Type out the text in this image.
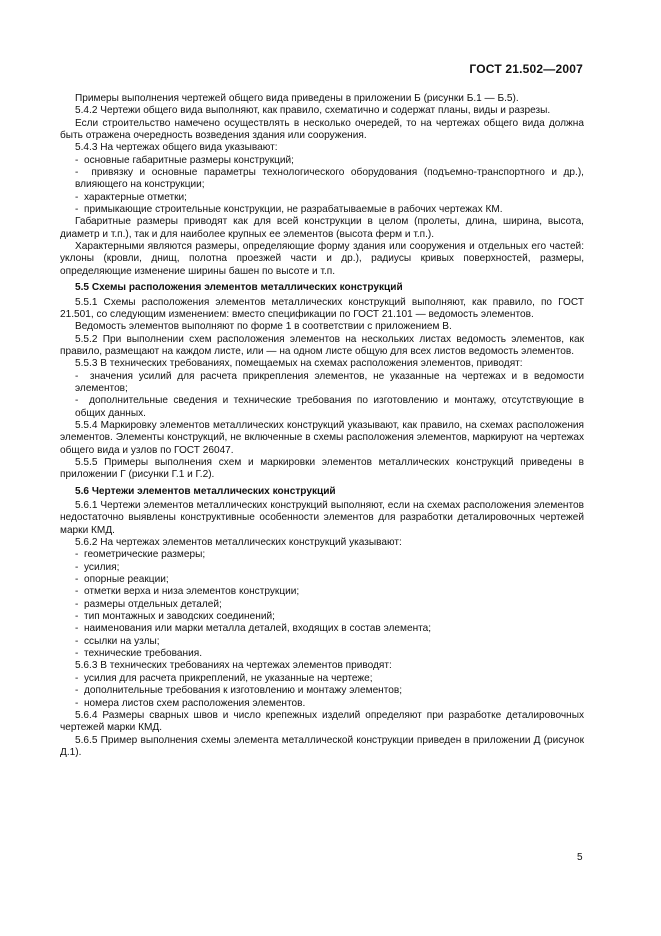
ГОСТ 21.502—2007
Примеры выполнения чертежей общего вида приведены в приложении Б (рисунки Б.1 — Б.5).
5.4.2 Чертежи общего вида выполняют, как правило, схематично и содержат планы, виды и разрезы.
Если строительство намечено осуществлять в несколько очередей, то на чертежах общего вида должна быть отражена очередность возведения здания или сооружения.
5.4.3 На чертежах общего вида указывают:
-  основные габаритные размеры конструкций;
-  привязку и основные параметры технологического оборудования (подъемно-транспортного и др.), влияющего на конструкции;
-  характерные отметки;
-  примыкающие строительные конструкции, не разрабатываемые в рабочих чертежах КМ.
Габаритные размеры приводят как для всей конструкции в целом (пролеты, длина, ширина, высота, диаметр и т.п.), так и для наиболее крупных ее элементов (высота ферм и т.п.).
Характерными являются размеры, определяющие форму здания или сооружения и отдельных его частей: уклоны (кровли, днищ, полотна проезжей части и др.), радиусы кривых поверхностей, размеры, определяющие изменение ширины башен по высоте и т.п.
5.5 Схемы расположения элементов металлических конструкций
5.5.1 Схемы расположения элементов металлических конструкций выполняют, как правило, по ГОСТ 21.501, со следующим изменением: вместо спецификации по ГОСТ 21.101 — ведомость элементов.
Ведомость элементов выполняют по форме 1 в соответствии с приложением В.
5.5.2 При выполнении схем расположения элементов на нескольких листах ведомость элементов, как правило, размещают на каждом листе, или — на одном листе общую для всех листов ведомость элементов.
5.5.3 В технических требованиях, помещаемых на схемах расположения элементов, приводят:
-  значения усилий для расчета прикрепления элементов, не указанные на чертежах и в ведомости элементов;
-  дополнительные сведения и технические требования по изготовлению и монтажу, отсутствующие в общих данных.
5.5.4 Маркировку элементов металлических конструкций указывают, как правило, на схемах расположения элементов. Элементы конструкций, не включенные в схемы расположения элементов, маркируют на чертежах общего вида и узлов по ГОСТ 26047.
5.5.5 Примеры выполнения схем и маркировки элементов металлических конструкций приведены в приложении Г (рисунки Г.1 и Г.2).
5.6 Чертежи элементов металлических конструкций
5.6.1 Чертежи элементов металлических конструкций выполняют, если на схемах расположения элементов недостаточно выявлены конструктивные особенности элементов для разработки деталировочных чертежей марки КМД.
5.6.2 На чертежах элементов металлических конструкций указывают:
-  геометрические размеры;
-  усилия;
-  опорные реакции;
-  отметки верха и низа элементов конструкции;
-  размеры отдельных деталей;
-  тип монтажных и заводских соединений;
-  наименования или марки металла деталей, входящих в состав элемента;
-  ссылки на узлы;
-  технические требования.
5.6.3 В технических требованиях на чертежах элементов приводят:
-  усилия для расчета прикреплений, не указанные на чертеже;
-  дополнительные требования к изготовлению и монтажу элементов;
-  номера листов схем расположения элементов.
5.6.4 Размеры сварных швов и число крепежных изделий определяют при разработке деталировочных чертежей марки КМД.
5.6.5 Пример выполнения схемы элемента металлической конструкции приведен в приложении Д (рисунок Д.1).
5
